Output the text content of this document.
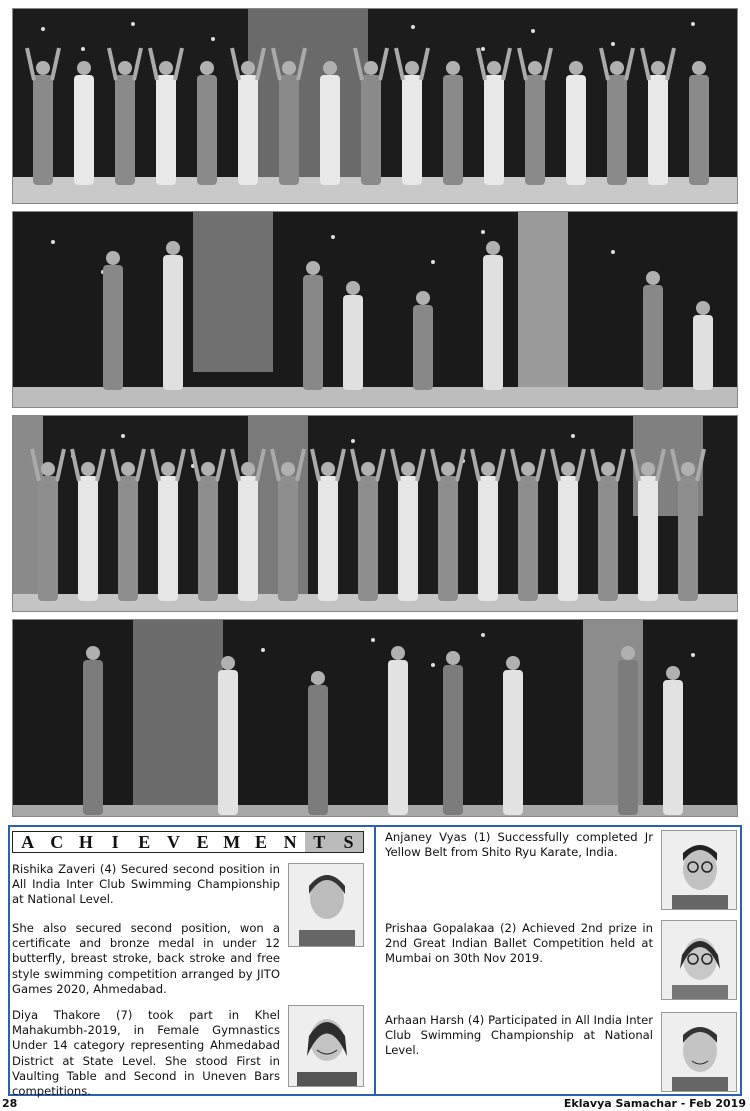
A C H	I	E V E M E N T	S
Rishika Zaveri (4) Secured second position in All India Inter Club Swimming Championship at National Level.
She also secured second position, won a certificate and bronze medal in under 12 butterfly, breast stroke, back stroke and free style swimming competition arranged by JITO Games 2020, Ahmedabad.
Diya Thakore (7) took part in Khel Mahakumbh-2019, in Female Gymnastics Under 14 category representing Ahmedabad District at State Level. She stood First in Vaulting Table and Second in Uneven Bars competitions.
Anjaney Vyas (1) Successfully completed Jr Yellow Belt from Shito Ryu Karate, India.
Prishaa Gopalakaa (2) Achieved 2nd prize in 2nd Great Indian Ballet Competition held at Mumbai on 30th Nov 2019.
Arhaan Harsh (4) Participated in All India Inter Club Swimming Championship at National Level.
28	Eklavya Samachar - Feb 2019
